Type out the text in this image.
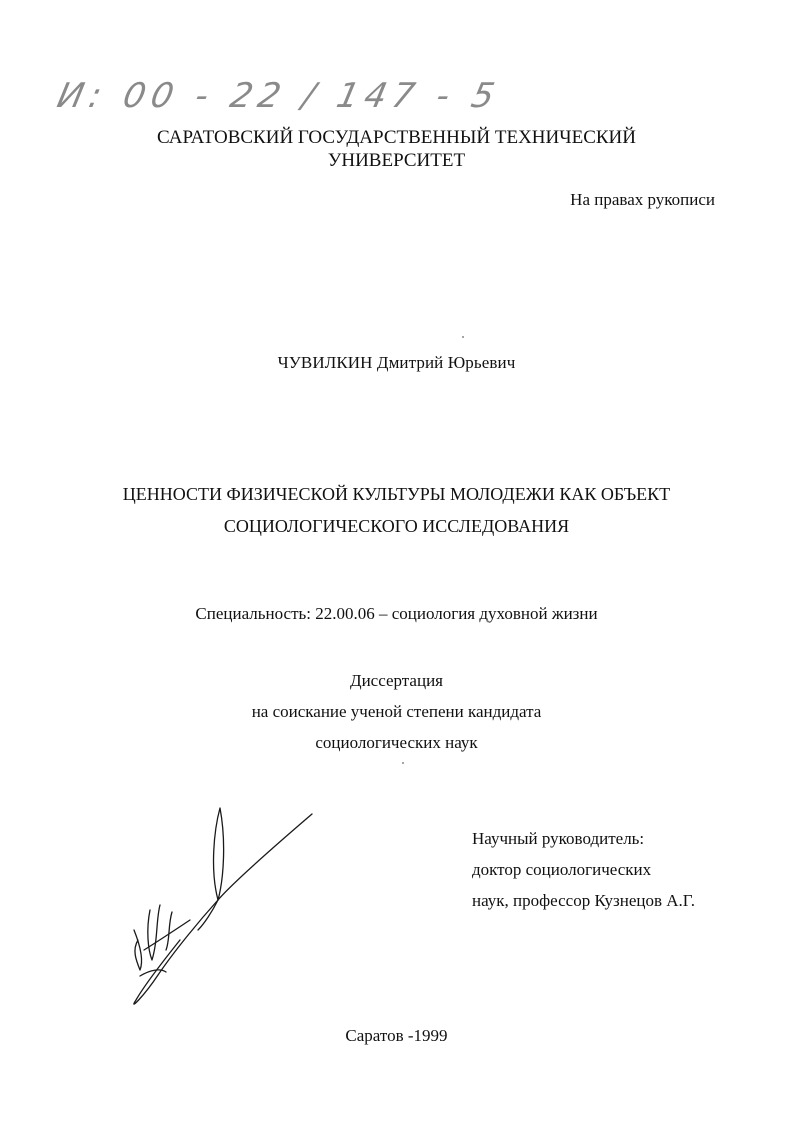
И: 00 - 22 / 147 - 5
САРАТОВСКИЙ ГОСУДАРСТВЕННЫЙ ТЕХНИЧЕСКИЙ
УНИВЕРСИТЕТ
На правах рукописи
ЧУВИЛКИН Дмитрий Юрьевич
ЦЕННОСТИ ФИЗИЧЕСКОЙ КУЛЬТУРЫ МОЛОДЕЖИ КАК ОБЪЕКТ
СОЦИОЛОГИЧЕСКОГО ИССЛЕДОВАНИЯ
Специальность: 22.00.06 – социология духовной жизни
Диссертация
на соискание ученой степени кандидата
социологических наук
Научный руководитель:
доктор социологических
наук, профессор Кузнецов А.Г.
Саратов -1999
